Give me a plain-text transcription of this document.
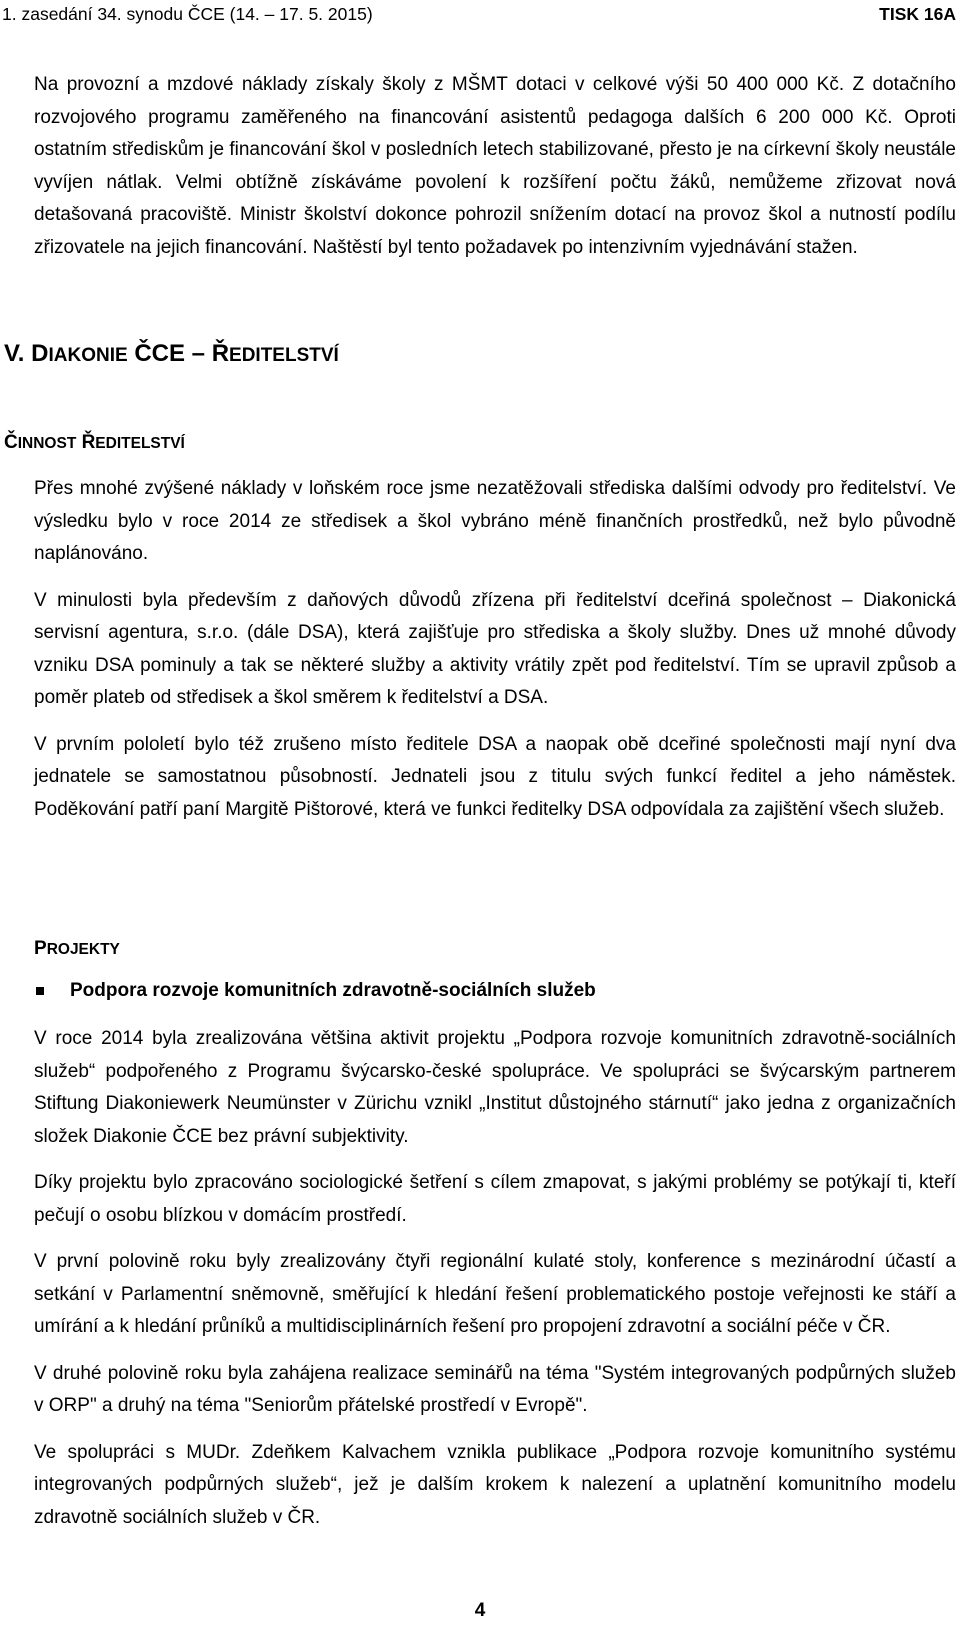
1. zasedání 34. synodu ČCE (14. – 17. 5. 2015)	TISK 16A

Na provozní a mzdové náklady získaly školy z MŠMT dotaci v celkové výši 50 400 000 Kč. Z dotačního rozvojového programu zaměřeného na financování asistentů pedagoga dalších 6 200 000 Kč. Oproti ostatním střediskům je financování škol v posledních letech stabilizované, přesto je na církevní školy neustále vyvíjen nátlak. Velmi obtížně získáváme povolení k rozšíření počtu žáků, nemůžeme zřizovat nová detašovaná pracoviště. Ministr školství dokonce pohrozil snížením dotací na provoz škol a nutností podílu zřizovatele na jejich financování. Naštěstí byl tento požadavek po intenzivním vyjednávání stažen.

V. DIAKONIE ČCE – ŘEDITELSTVÍ
ČINNOST ŘEDITELSTVÍ

Přes mnohé zvýšené náklady v loňském roce jsme nezatěžovali střediska dalšími odvody pro ředitelství. Ve výsledku bylo v roce 2014 ze středisek a škol vybráno méně finančních prostředků, než bylo původně naplánováno.

V minulosti byla především z daňových důvodů zřízena při ředitelství dceřiná společnost – Diakonická servisní agentura, s.r.o. (dále DSA), která zajišťuje pro střediska a školy služby. Dnes už mnohé důvody vzniku DSA pominuly a tak se některé služby a aktivity vrátily zpět pod ředitelství. Tím se upravil způsob a poměr plateb od středisek a škol směrem k ředitelství a DSA.

V prvním pololetí bylo též zrušeno místo ředitele DSA a naopak obě dceřiné společnosti mají nyní dva jednatele se samostatnou působností. Jednateli jsou z titulu svých funkcí ředitel a jeho náměstek. Poděkování patří paní Margitě Pištorové, která ve funkci ředitelky DSA odpovídala za zajištění všech služeb.

PROJEKTY
Podpora rozvoje komunitních zdravotně-sociálních služeb

V roce 2014 byla zrealizována většina aktivit projektu „Podpora rozvoje komunitních zdravotně-sociálních služeb“ podpořeného z Programu švýcarsko-české spolupráce. Ve spolupráci se švýcarským partnerem Stiftung Diakoniewerk Neumünster v Zürichu vznikl „Institut důstojného stárnutí“ jako jedna z organizačních složek Diakonie ČCE bez právní subjektivity.

Díky projektu bylo zpracováno sociologické šetření s cílem zmapovat, s jakými problémy se potýkají ti, kteří pečují o osobu blízkou v domácím prostředí.

V první polovině roku byly zrealizovány čtyři regionální kulaté stoly, konference s mezinárodní účastí a setkání v Parlamentní sněmovně, směřující k hledání řešení problematického postoje veřejnosti ke stáří a umírání a k hledání průníků a multidisciplinárních řešení pro propojení zdravotní a sociální péče v ČR.

V druhé polovině roku byla zahájena realizace seminářů na téma "Systém integrovaných podpůrných služeb v ORP" a druhý na téma "Seniorům přátelské prostředí v Evropě".

Ve spolupráci s MUDr. Zdeňkem Kalvachem vznikla publikace „Podpora rozvoje komunitního systému integrovaných podpůrných služeb“, jež je dalším krokem k nalezení a uplatnění komunitního modelu zdravotně sociálních služeb v ČR.

4
